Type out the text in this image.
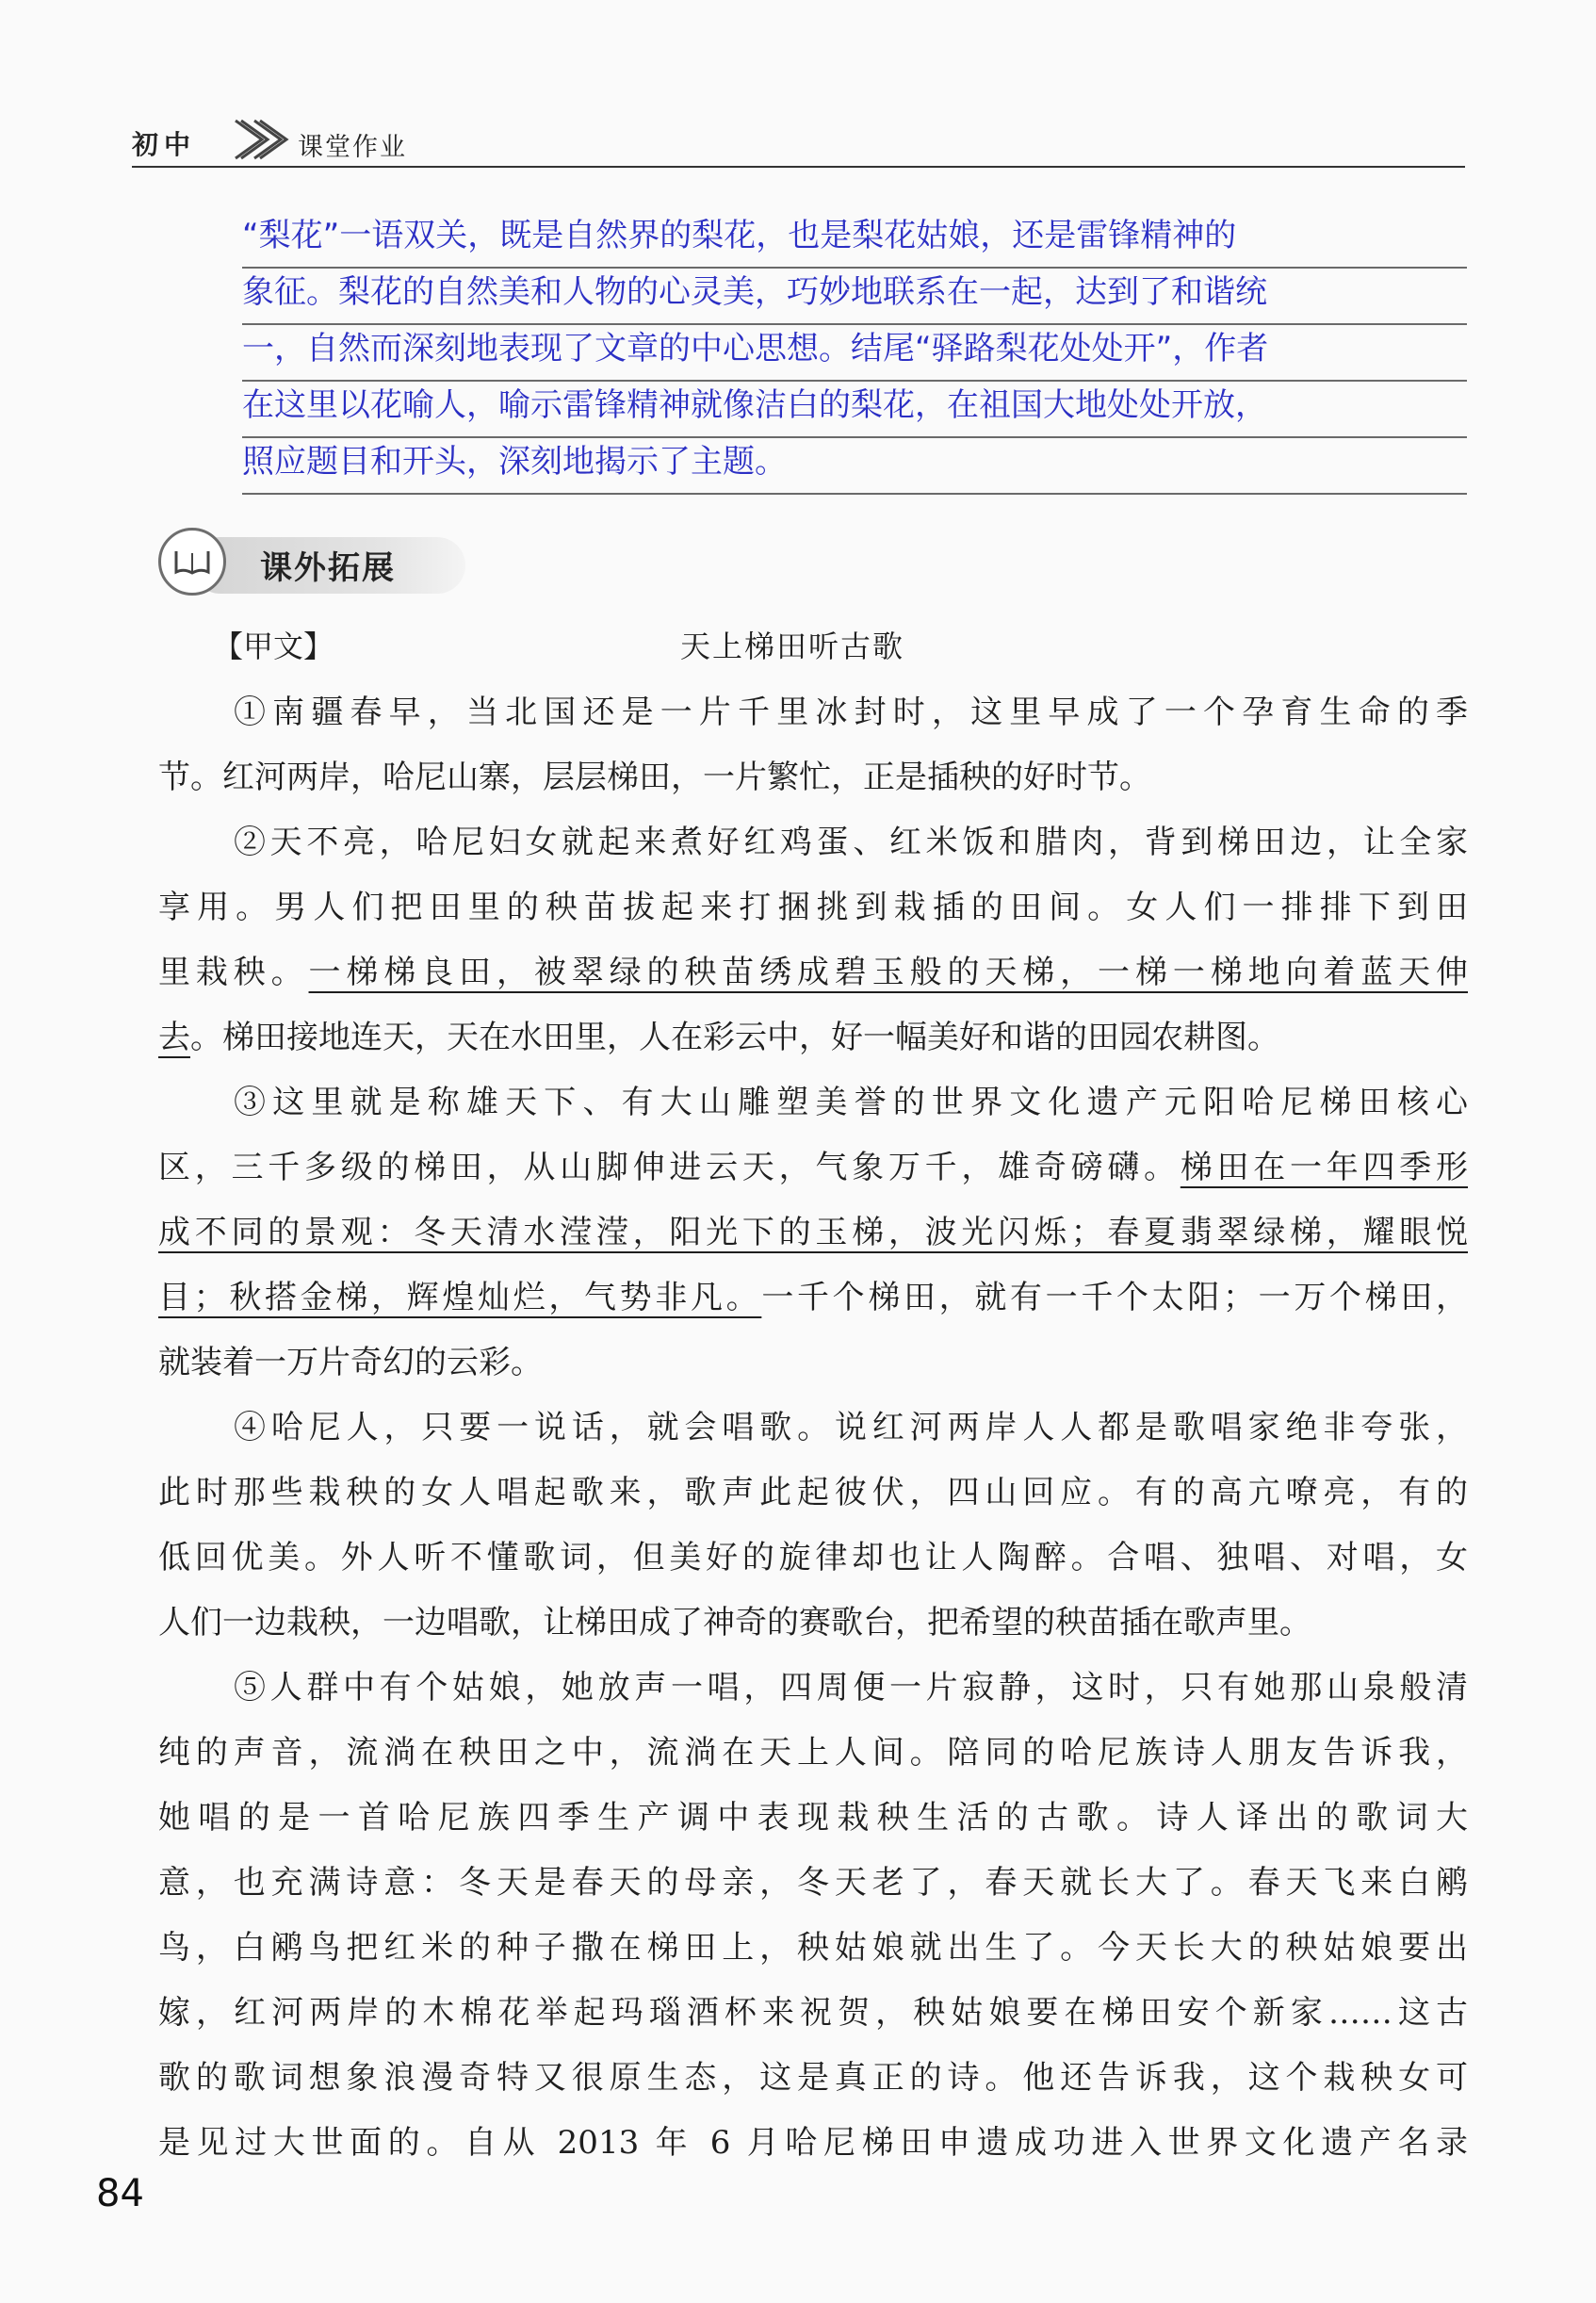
初中	课堂作业
“梨花”一语双关，既是自然界的梨花，也是梨花姑娘，还是雷锋精神的
象征。梨花的自然美和人物的心灵美，巧妙地联系在一起，达到了和谐统
一，自然而深刻地表现了文章的中心思想。结尾“驿路梨花处处开”，作者
在这里以花喻人，喻示雷锋精神就像洁白的梨花，在祖国大地处处开放，
照应题目和开头，深刻地揭示了主题。
课外拓展
【甲文】	天上梯田听古歌
①南疆春早，当北国还是一片千里冰封时，这里早成了一个孕育生命的季
节。红河两岸，哈尼山寨，层层梯田，一片繁忙，正是插秧的好时节。
②天不亮，哈尼妇女就起来煮好红鸡蛋、红米饭和腊肉，背到梯田边，让全家
享用。男人们把田里的秧苗拔起来打捆挑到栽插的田间。女人们一排排下到田
里栽秧。一梯梯良田，被翠绿的秧苗绣成碧玉般的天梯，一梯一梯地向着蓝天伸
去。梯田接地连天，天在水田里，人在彩云中，好一幅美好和谐的田园农耕图。
③这里就是称雄天下、有大山雕塑美誉的世界文化遗产元阳哈尼梯田核心
区，三千多级的梯田，从山脚伸进云天，气象万千，雄奇磅礴。梯田在一年四季形
成不同的景观：冬天清水滢滢，阳光下的玉梯，波光闪烁；春夏翡翠绿梯，耀眼悦
目；秋搭金梯，辉煌灿烂，气势非凡。一千个梯田，就有一千个太阳；一万个梯田，
就装着一万片奇幻的云彩。
④哈尼人，只要一说话，就会唱歌。说红河两岸人人都是歌唱家绝非夸张，
此时那些栽秧的女人唱起歌来，歌声此起彼伏，四山回应。有的高亢嘹亮，有的
低回优美。外人听不懂歌词，但美好的旋律却也让人陶醉。合唱、独唱、对唱，女
人们一边栽秧，一边唱歌，让梯田成了神奇的赛歌台，把希望的秧苗插在歌声里。
⑤人群中有个姑娘，她放声一唱，四周便一片寂静，这时，只有她那山泉般清
纯的声音，流淌在秧田之中，流淌在天上人间。陪同的哈尼族诗人朋友告诉我，
她唱的是一首哈尼族四季生产调中表现栽秧生活的古歌。诗人译出的歌词大
意，也充满诗意：冬天是春天的母亲，冬天老了，春天就长大了。春天飞来白鹇
鸟，白鹇鸟把红米的种子撒在梯田上，秧姑娘就出生了。今天长大的秧姑娘要出
嫁，红河两岸的木棉花举起玛瑙酒杯来祝贺，秧姑娘要在梯田安个新家……这古
歌的歌词想象浪漫奇特又很原生态，这是真正的诗。他还告诉我，这个栽秧女可
是见过大世面的。自从 2013 年 6 月哈尼梯田申遗成功进入世界文化遗产名录
84
